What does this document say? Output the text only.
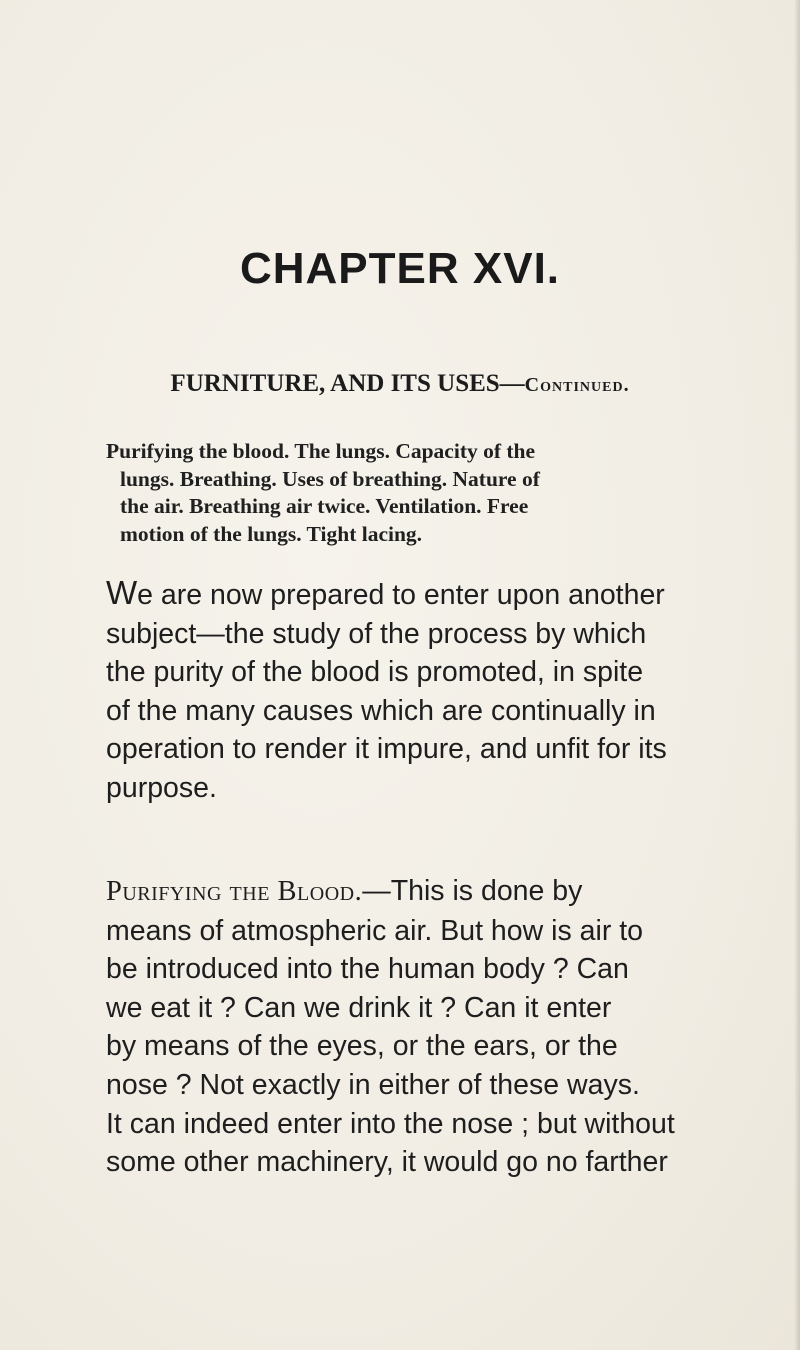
CHAPTER XVI.
FURNITURE, AND ITS USES—Continued.
Purifying the blood. The lungs. Capacity of the
lungs. Breathing. Uses of breathing. Nature of
the air. Breathing air twice. Ventilation. Free
motion of the lungs. Tight lacing.
We are now prepared to enter upon another
subject—the study of the process by which
the purity of the blood is promoted, in spite
of the many causes which are continually in
operation to render it impure, and unfit for its
purpose.
Purifying the Blood.—This is done by
means of atmospheric air. But how is air to
be introduced into the human body ? Can
we eat it ? Can we drink it ? Can it enter
by means of the eyes, or the ears, or the
nose ? Not exactly in either of these ways.
It can indeed enter into the nose ; but without
some other machinery, it would go no farther
